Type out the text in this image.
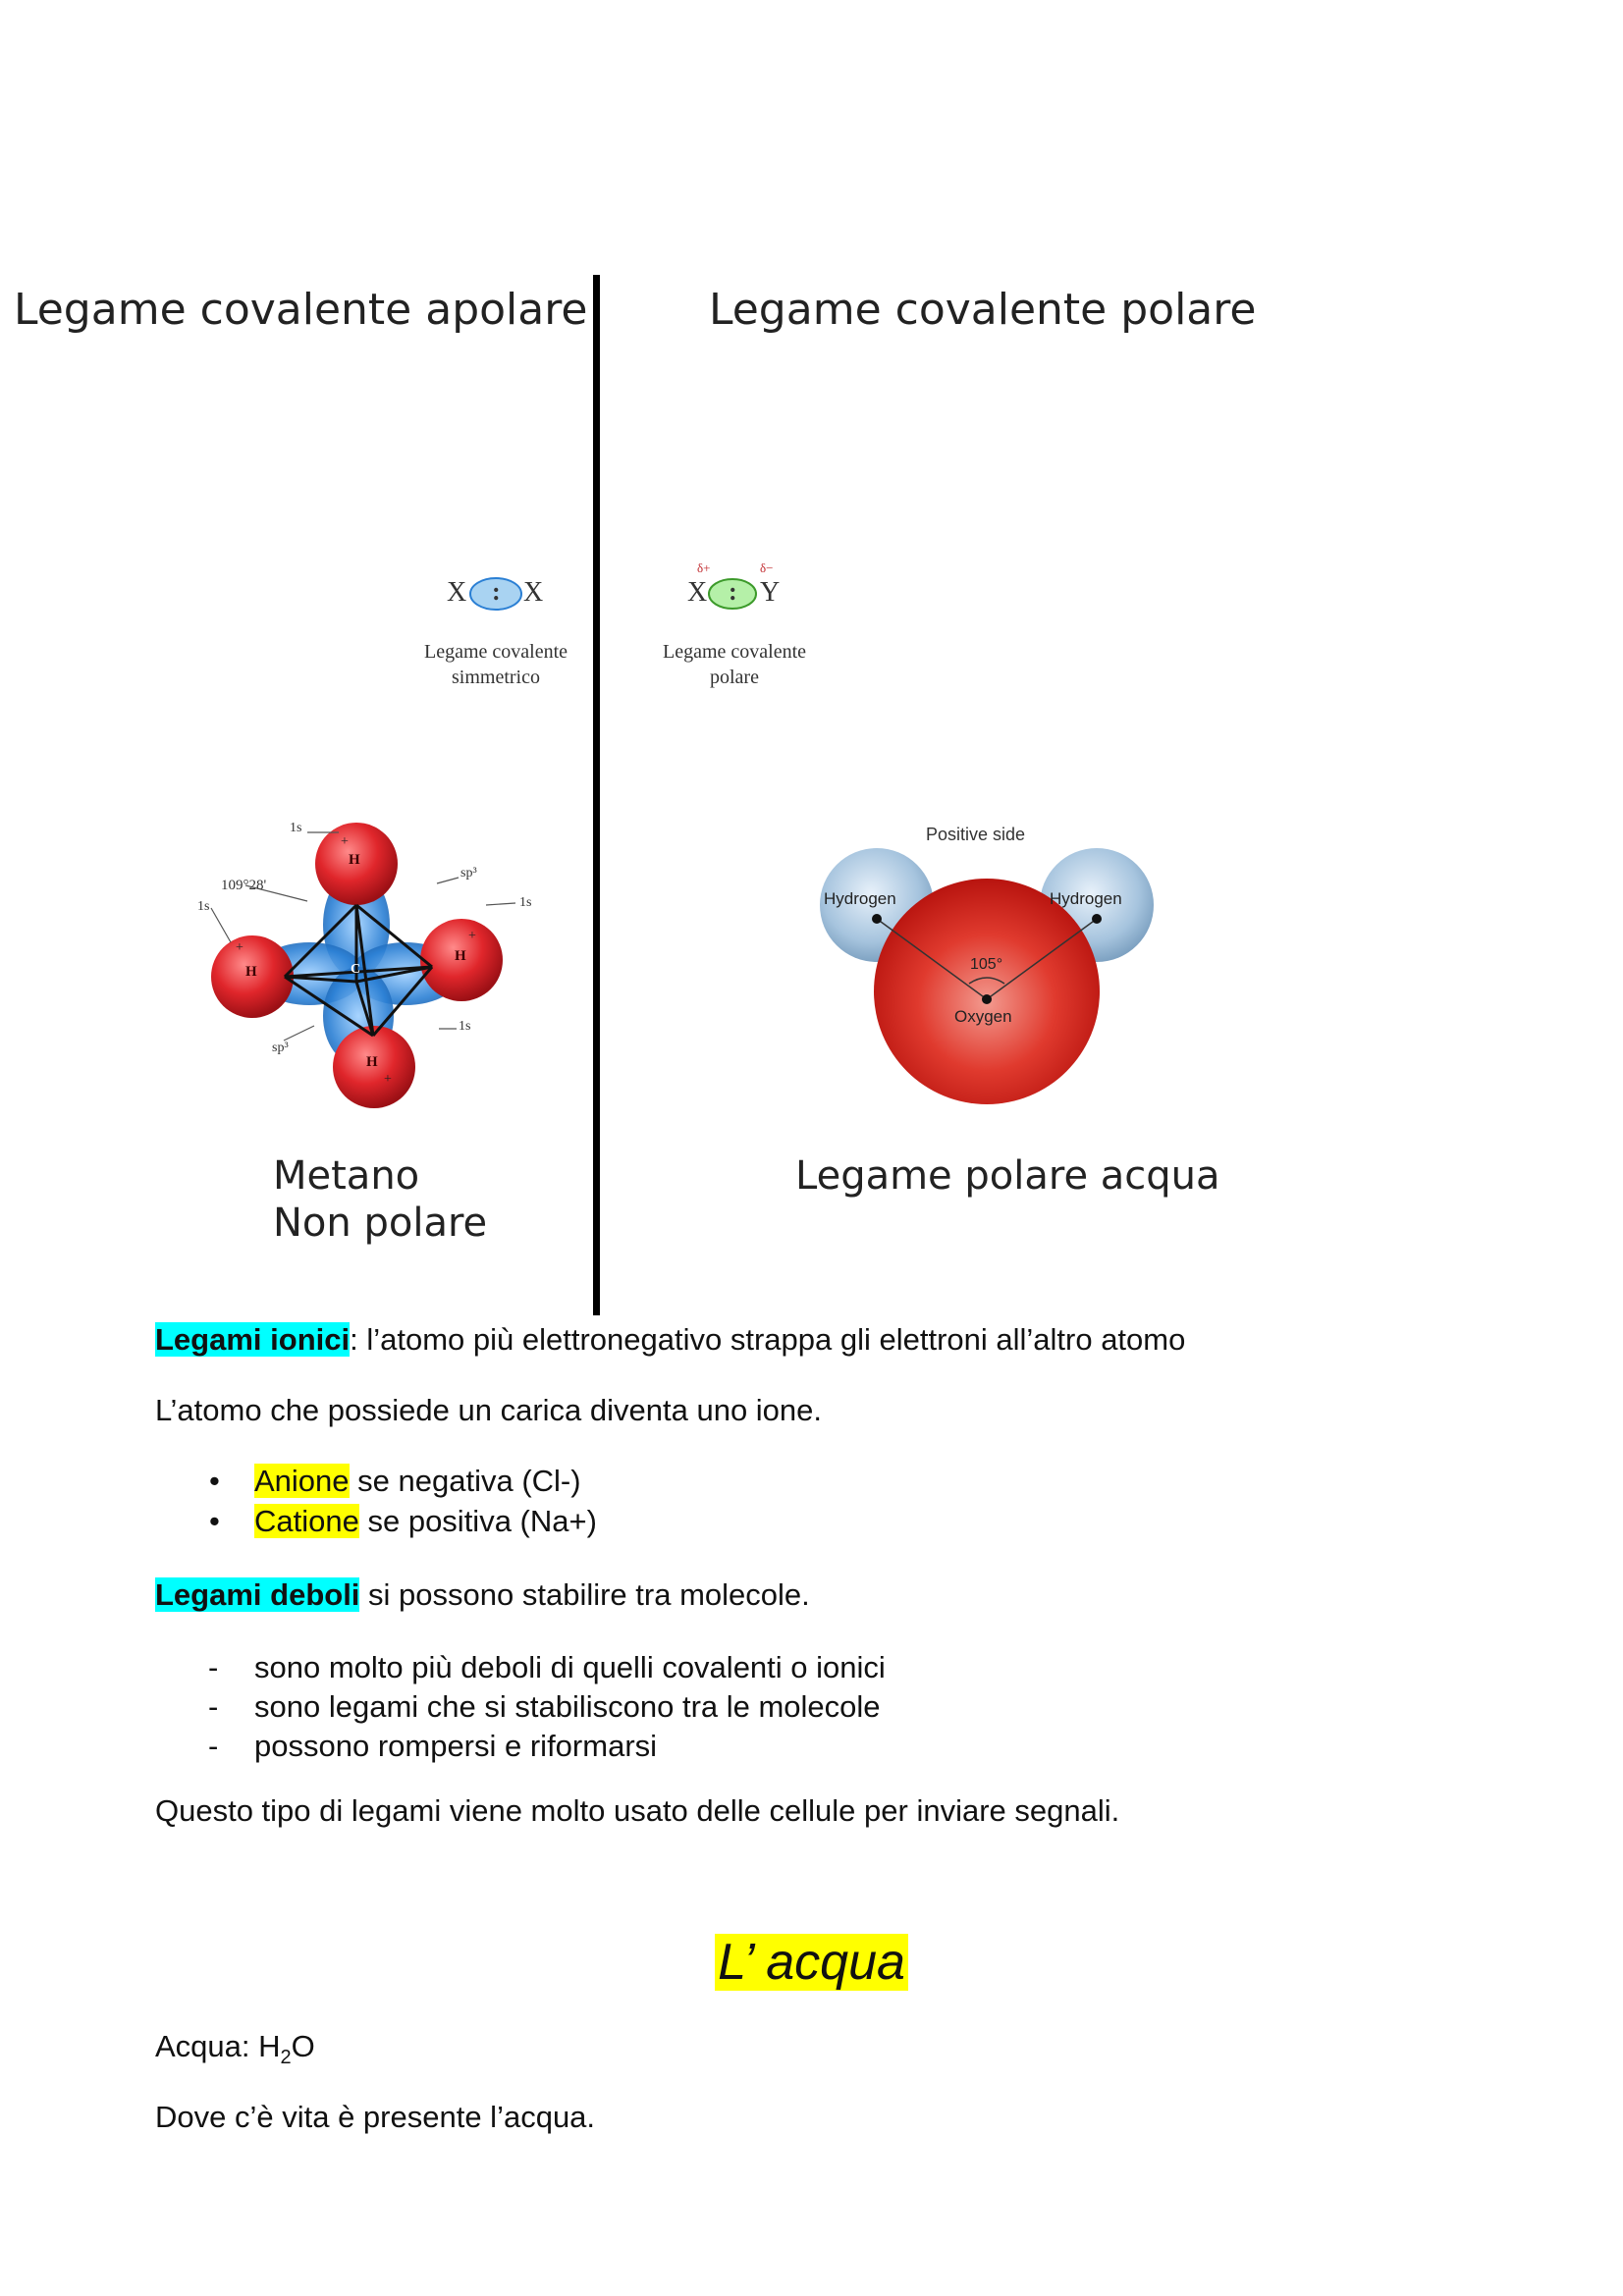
Legame covalente apolare	Legame covalente polare
X : X
Legame covalente
simmetrico
δ+	δ−
X : Y
Legame covalente
polare
109°28'
1s
1s	1s
1s
sp³
sp³
H
H
H
H
C
+
+
+
+
Metano
Non polare
Positive side
Hydrogen	Hydrogen
105°
Oxygen
Legame polare acqua
Legami ionici: l’atomo più elettronegativo strappa gli elettroni all’altro atomo
L’atomo che possiede un carica diventa uno ione.
• Anione se negativa (Cl-)
• Catione se positiva (Na+)
Legami deboli si possono stabilire tra molecole.
- sono molto più deboli di quelli covalenti o ionici
- sono legami che si stabiliscono tra le molecole
- possono rompersi e riformarsi
Questo tipo di legami viene molto usato delle cellule per inviare segnali.
L’ acqua
Acqua: $H_2O$
Dove c’è vita è presente l’acqua.
